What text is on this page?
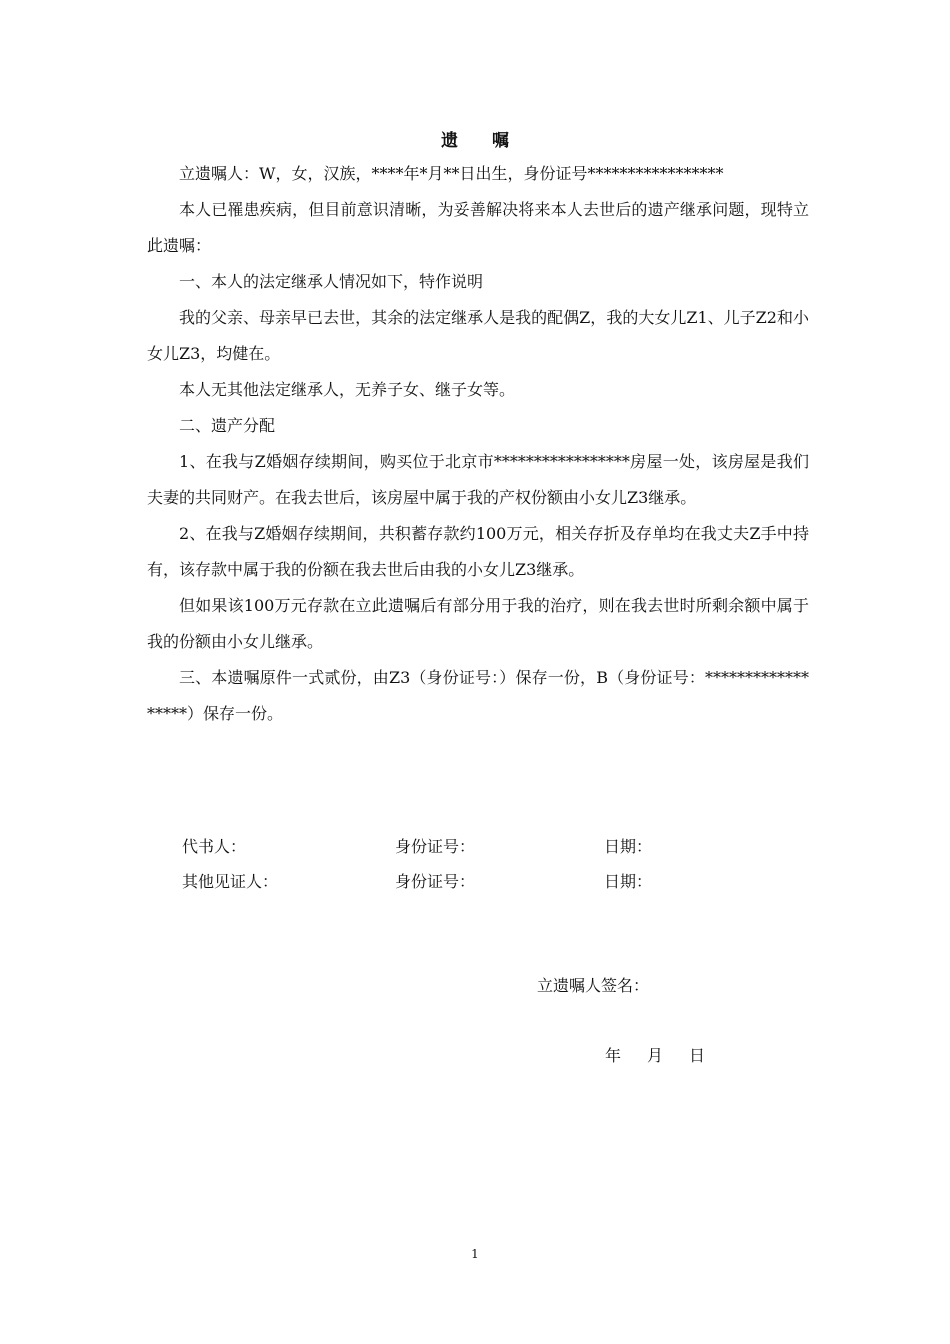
遗 嘱

立遗嘱人：W，女，汉族，****年*月**日出生，身份证号*****************

本人已罹患疾病，但目前意识清晰，为妥善解决将来本人去世后的遗产继承问题，现特立此遗嘱：

一、本人的法定继承人情况如下，特作说明

我的父亲、母亲早已去世，其余的法定继承人是我的配偶Z，我的大女儿Z1、儿子Z2和小女儿Z3，均健在。

本人无其他法定继承人，无养子女、继子女等。

二、遗产分配

1、在我与Z婚姻存续期间，购买位于北京市*****************房屋一处，该房屋是我们夫妻的共同财产。在我去世后，该房屋中属于我的产权份额由小女儿Z3继承。

2、在我与Z婚姻存续期间，共积蓄存款约100万元，相关存折及存单均在我丈夫Z手中持有，该存款中属于我的份额在我去世后由我的小女儿Z3继承。

但如果该100万元存款在立此遗嘱后有部分用于我的治疗，则在我去世时所剩余额中属于我的份额由小女儿继承。

三、本遗嘱原件一式贰份，由Z3（身份证号：）保存一份，B（身份证号：******************）保存一份。

代书人：	身份证号：	日期：
其他见证人：	身份证号：	日期：
立遗嘱人签名：
年 月 日
1
